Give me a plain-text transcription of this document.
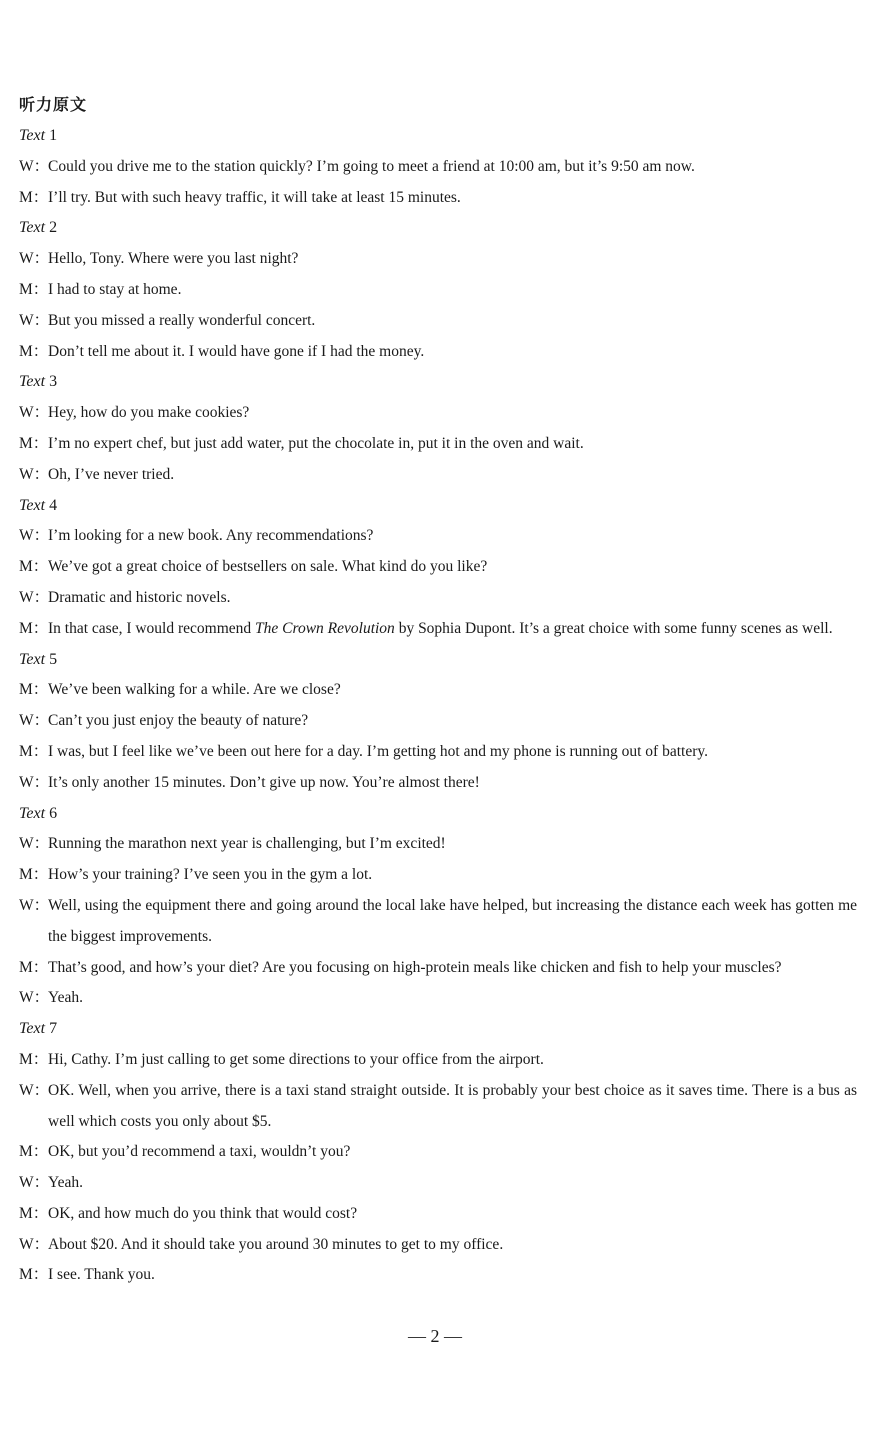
听力原文
Text 1
W：Could you drive me to the station quickly? I’m going to meet a friend at 10:00 am, but it’s 9:50 am now.
M：I’ll try. But with such heavy traffic, it will take at least 15 minutes.
Text 2
W：Hello, Tony. Where were you last night?
M：I had to stay at home.
W：But you missed a really wonderful concert.
M：Don’t tell me about it. I would have gone if I had the money.
Text 3
W：Hey, how do you make cookies?
M：I’m no expert chef, but just add water, put the chocolate in, put it in the oven and wait.
W：Oh, I’ve never tried.
Text 4
W：I’m looking for a new book. Any recommendations?
M：We’ve got a great choice of bestsellers on sale. What kind do you like?
W：Dramatic and historic novels.
M：In that case, I would recommend The Crown Revolution by Sophia Dupont. It’s a great choice with some funny scenes as well.
Text 5
M：We’ve been walking for a while. Are we close?
W：Can’t you just enjoy the beauty of nature?
M：I was, but I feel like we’ve been out here for a day. I’m getting hot and my phone is running out of battery.
W：It’s only another 15 minutes. Don’t give up now. You’re almost there!
Text 6
W：Running the marathon next year is challenging, but I’m excited!
M：How’s your training? I’ve seen you in the gym a lot.
W：Well, using the equipment there and going around the local lake have helped, but increasing the distance each week has gotten me the biggest improvements.
M：That’s good, and how’s your diet? Are you focusing on high-protein meals like chicken and fish to help your muscles?
W：Yeah.
Text 7
M：Hi, Cathy. I’m just calling to get some directions to your office from the airport.
W：OK. Well, when you arrive, there is a taxi stand straight outside. It is probably your best choice as it saves time. There is a bus as well which costs you only about $5.
M：OK, but you’d recommend a taxi, wouldn’t you?
W：Yeah.
M：OK, and how much do you think that would cost?
W：About $20. And it should take you around 30 minutes to get to my office.
M：I see. Thank you.
— 2 —
